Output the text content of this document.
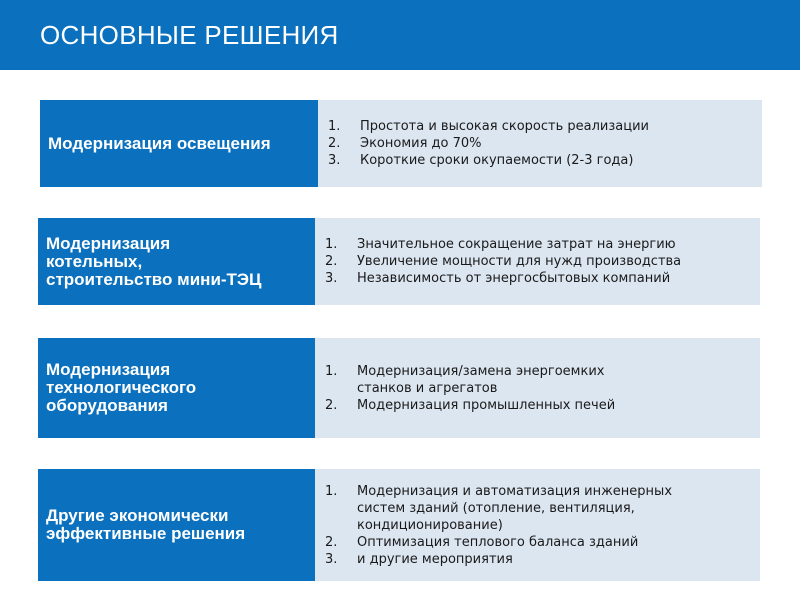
ОСНОВНЫЕ РЕШЕНИЯ
Модернизация освещения
1. Простота и высокая скорость реализации
2. Экономия до 70%
3. Короткие сроки окупаемости (2-3 года)
Модернизация
котельных,
строительство мини-ТЭЦ
1. Значительное сокращение затрат на энергию
2. Увеличение мощности для нужд производства
3. Независимость от энергосбытовых компаний
Модернизация
технологического
оборудования
1. Модернизация/замена энергоемких
станков и агрегатов
2. Модернизация промышленных печей
Другие экономически
эффективные решения
1. Модернизация и автоматизация инженерных
систем зданий (отопление, вентиляция,
кондиционирование)
2. Оптимизация теплового баланса зданий
3. и другие мероприятия
